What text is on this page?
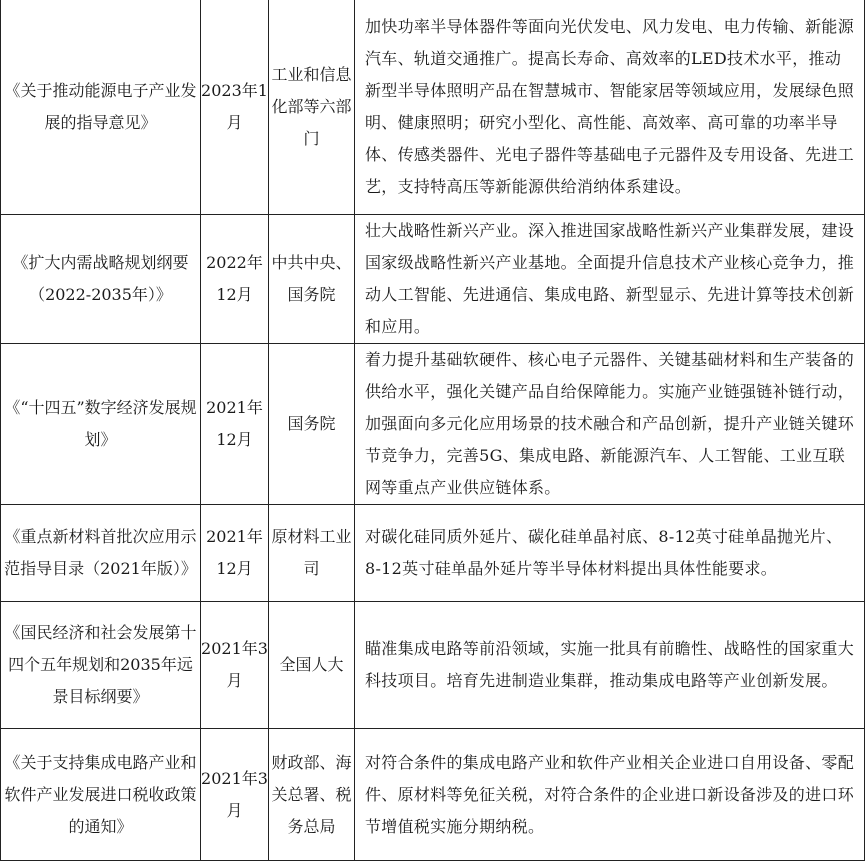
《关于推动能源电子产业发展的指导意见》	2023年1月	工业和信息化部等六部门	加快功率半导体器件等面向光伏发电、风力发电、电力传输、新能源汽车、轨道交通推广。提高长寿命、高效率的LED技术水平，推动新型半导体照明产品在智慧城市、智能家居等领域应用，发展绿色照明、健康照明；研究小型化、高性能、高效率、高可靠的功率半导体、传感类器件、光电子器件等基础电子元器件及专用设备、先进工艺，支持特高压等新能源供给消纳体系建设。

《扩大内需战略规划纲要（2022-2035年）》	2022年12月	中共中央、国务院	壮大战略性新兴产业。深入推进国家战略性新兴产业集群发展，建设国家级战略性新兴产业基地。全面提升信息技术产业核心竞争力，推动人工智能、先进通信、集成电路、新型显示、先进计算等技术创新和应用。

《“十四五”数字经济发展规划》	2021年12月	国务院	着力提升基础软硬件、核心电子元器件、关键基础材料和生产装备的供给水平，强化关键产品自给保障能力。实施产业链强链补链行动，加强面向多元化应用场景的技术融合和产品创新，提升产业链关键环节竞争力，完善5G、集成电路、新能源汽车、人工智能、工业互联网等重点产业供应链体系。

《重点新材料首批次应用示范指导目录（2021年版）》	2021年12月	原材料工业司	对碳化硅同质外延片、碳化硅单晶衬底、8-12英寸硅单晶抛光片、8-12英寸硅单晶外延片等半导体材料提出具体性能要求。

《国民经济和社会发展第十四个五年规划和2035年远景目标纲要》	2021年3月	全国人大	瞄准集成电路等前沿领域，实施一批具有前瞻性、战略性的国家重大科技项目。培育先进制造业集群，推动集成电路等产业创新发展。

《关于支持集成电路产业和软件产业发展进口税收政策的通知》	2021年3月	财政部、海关总署、税务总局	对符合条件的集成电路产业和软件产业相关企业进口自用设备、零配件、原材料等免征关税，对符合条件的企业进口新设备涉及的进口环节增值税实施分期纳税。
